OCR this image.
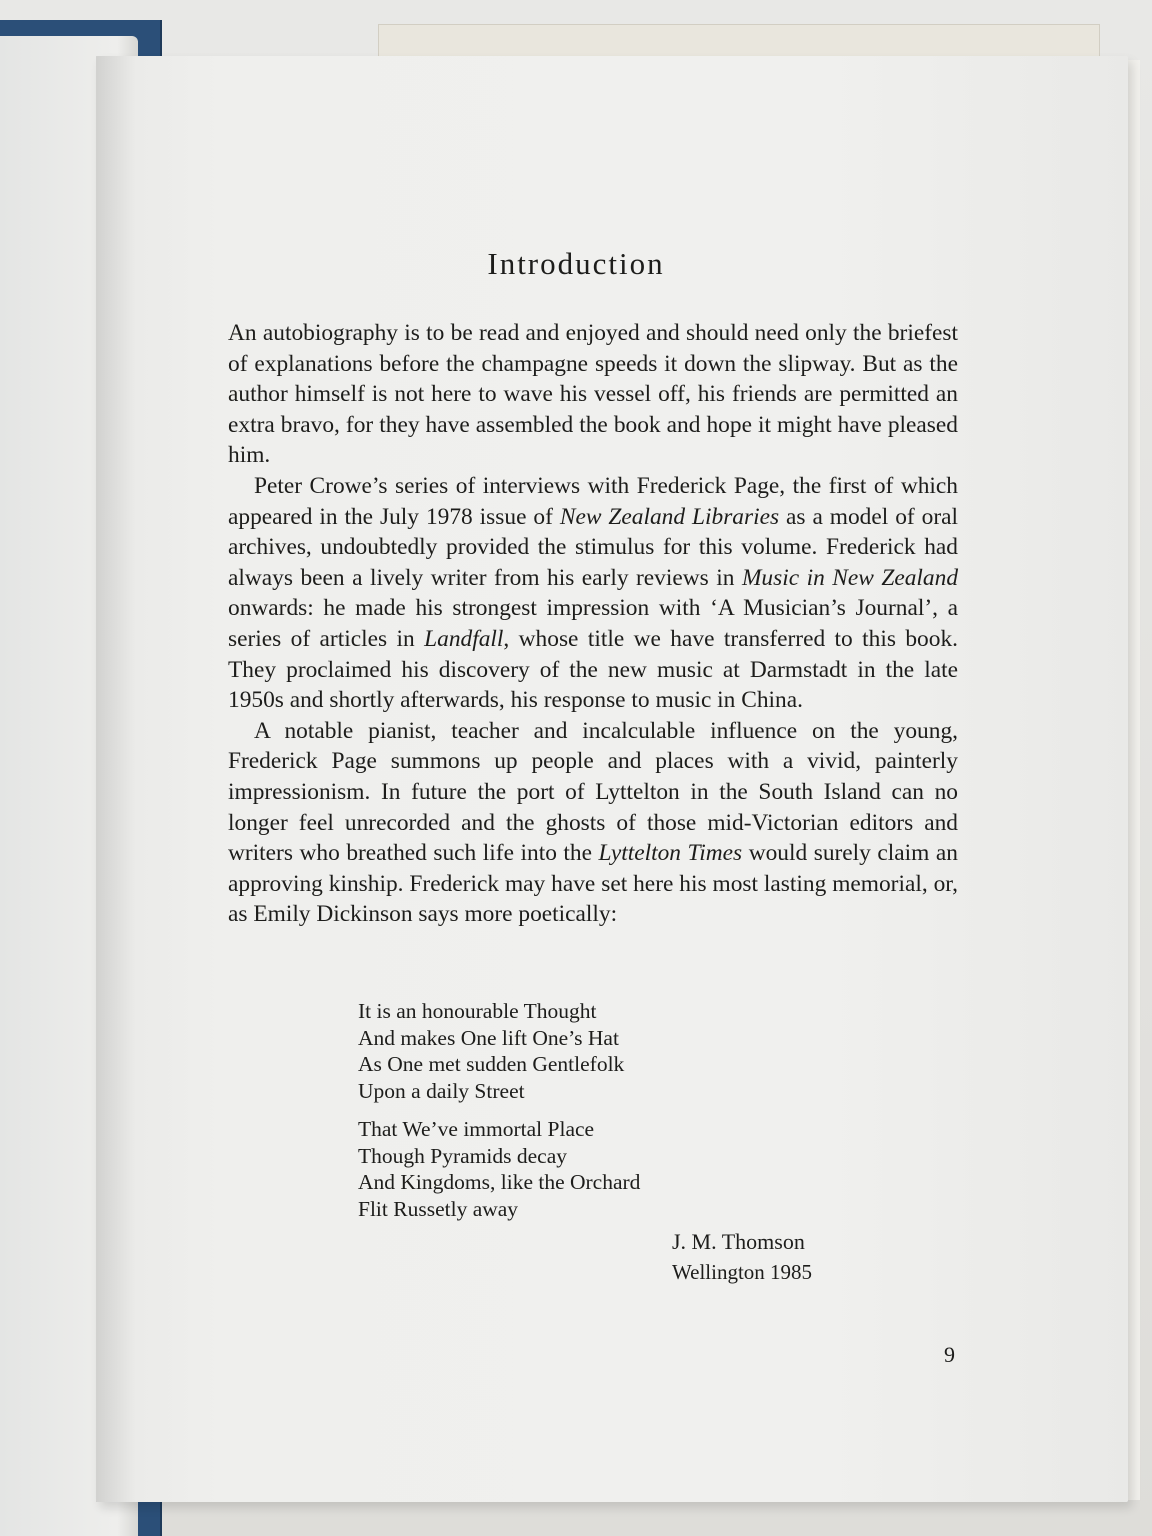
Introduction

An autobiography is to be read and enjoyed and should need only the briefest of explanations before the champagne speeds it down the slipway. But as the author himself is not here to wave his vessel off, his friends are permitted an extra bravo, for they have assembled the book and hope it might have pleased him.

Peter Crowe’s series of interviews with Frederick Page, the first of which appeared in the July 1978 issue of New Zealand Libraries as a model of oral archives, undoubtedly provided the stimulus for this volume. Frederick had always been a lively writer from his early reviews in Music in New Zealand onwards: he made his strongest impression with ‘A Musician’s Journal’, a series of articles in Landfall, whose title we have transferred to this book. They proclaimed his discovery of the new music at Darmstadt in the late 1950s and shortly afterwards, his response to music in China.

A notable pianist, teacher and incalculable influence on the young, Frederick Page summons up people and places with a vivid, painterly impressionism. In future the port of Lyttelton in the South Island can no longer feel unrecorded and the ghosts of those mid-Victorian editors and writers who breathed such life into the Lyttelton Times would surely claim an approving kinship. Frederick may have set here his most lasting memorial, or, as Emily Dickinson says more poetically:

It is an honourable Thought
And makes One lift One’s Hat
As One met sudden Gentlefolk
Upon a daily Street
That We’ve immortal Place
Though Pyramids decay
And Kingdoms, like the Orchard
Flit Russetly away
J. M. Thomson
Wellington 1985
9
